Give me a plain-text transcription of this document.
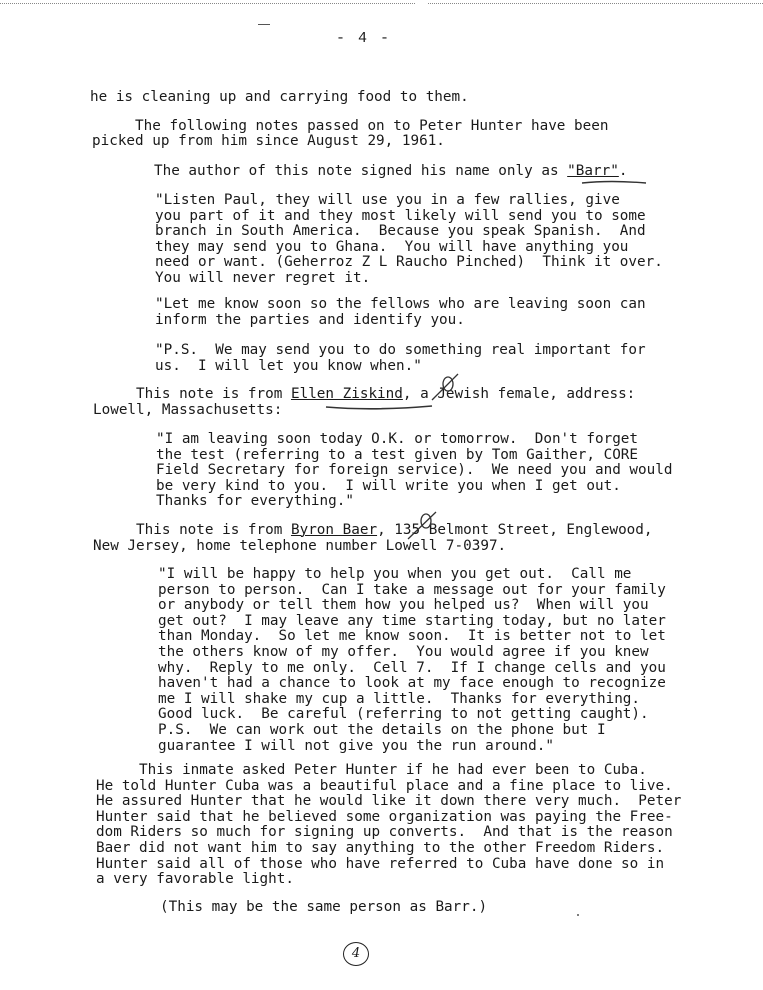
- 4 -
he is cleaning up and carrying food to them.
The following notes passed on to Peter Hunter have been
picked up from him since August 29, 1961.
The author of this note signed his name only as "Barr".
"Listen Paul, they will use you in a few rallies, give
you part of it and they most likely will send you to some
branch in South America.  Because you speak Spanish.  And
they may send you to Ghana.  You will have anything you
need or want. (Geherroz Z L Raucho Pinched)  Think it over.
You will never regret it.
"Let me know soon so the fellows who are leaving soon can
inform the parties and identify you.
"P.S.  We may send you to do something real important for
us.  I will let you know when."
This note is from Ellen Ziskind, a Jewish female, address:
Lowell, Massachusetts:
"I am leaving soon today O.K. or tomorrow.  Don't forget
the test (referring to a test given by Tom Gaither, CORE
Field Secretary for foreign service).  We need you and would
be very kind to you.  I will write you when I get out.
Thanks for everything."
This note is from Byron Baer, 135 Belmont Street, Englewood,
New Jersey, home telephone number Lowell 7-0397.
"I will be happy to help you when you get out.  Call me
person to person.  Can I take a message out for your family
or anybody or tell them how you helped us?  When will you
get out?  I may leave any time starting today, but no later
than Monday.  So let me know soon.  It is better not to let
the others know of my offer.  You would agree if you knew
why.  Reply to me only.  Cell 7.  If I change cells and you
haven't had a chance to look at my face enough to recognize
me I will shake my cup a little.  Thanks for everything.
Good luck.  Be careful (referring to not getting caught).
P.S.  We can work out the details on the phone but I
guarantee I will not give you the run around."
This inmate asked Peter Hunter if he had ever been to Cuba.
He told Hunter Cuba was a beautiful place and a fine place to live.
He assured Hunter that he would like it down there very much.  Peter
Hunter said that he believed some organization was paying the Free-
dom Riders so much for signing up converts.  And that is the reason
Baer did not want him to say anything to the other Freedom Riders.
Hunter said all of those who have referred to Cuba have done so in
a very favorable light.
(This may be the same person as Barr.)
4
